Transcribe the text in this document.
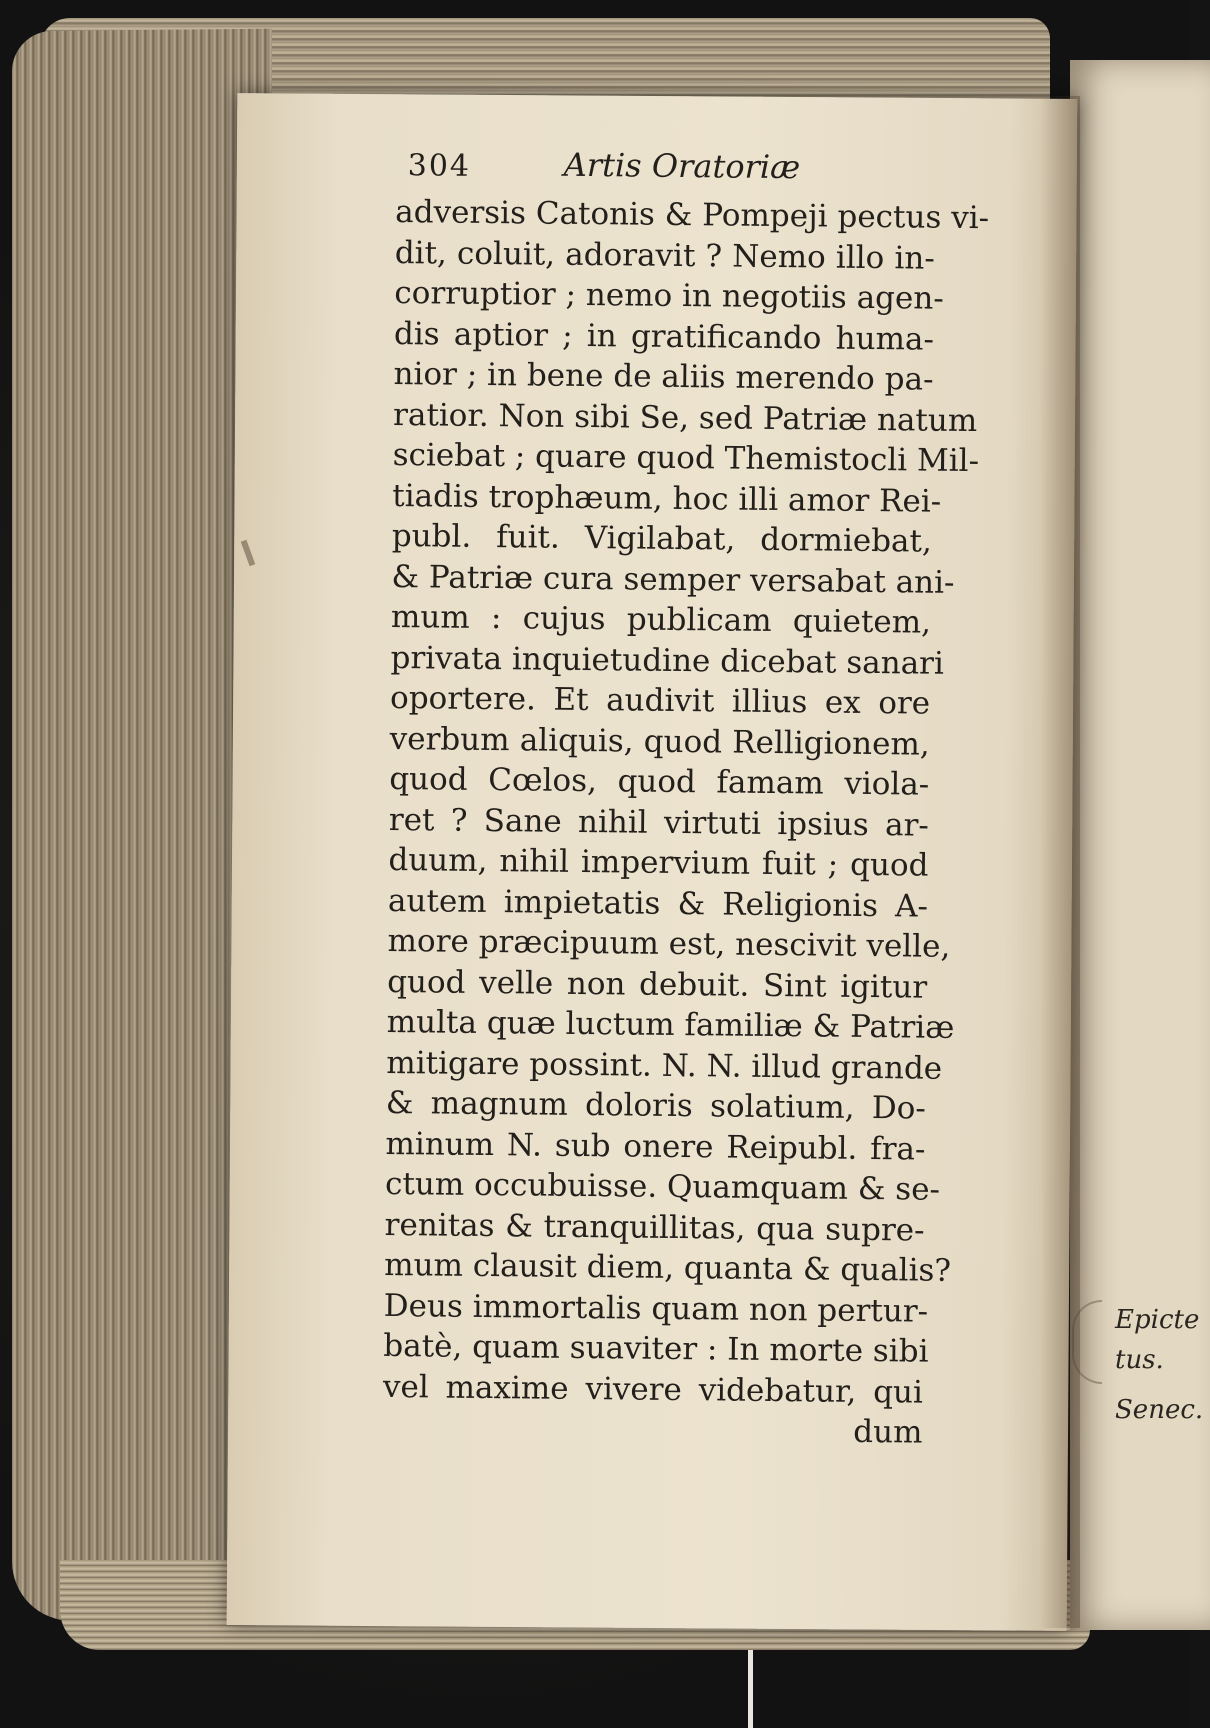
Epicte
tus.
Senec.
304	Artis Oratoriæ
adversis Catonis & Pompeji pectus vi-
dit, coluit, adoravit ? Nemo illo in-
corruptior ; nemo in negotiis agen-
dis aptior ; in gratificando huma-
nior ; in bene de aliis merendo pa-
ratior. Non sibi Se, sed Patriæ natum
sciebat ; quare quod Themistocli Mil-
tiadis trophæum, hoc illi amor Rei-
publ. fuit. Vigilabat, dormiebat,
& Patriæ cura semper versabat ani-
mum : cujus publicam quietem,
privata inquietudine dicebat sanari
oportere. Et audivit illius ex ore
verbum aliquis, quod Relligionem,
quod Cœlos, quod famam viola-
ret ? Sane nihil virtuti ipsius ar-
duum, nihil impervium fuit ; quod
autem impietatis & Religionis A-
more præcipuum est, nescivit velle,
quod velle non debuit. Sint igitur
multa quæ luctum familiæ & Patriæ
mitigare possint. N. N. illud grande
& magnum doloris solatium, Do-
minum N. sub onere Reipubl. fra-
ctum occubuisse. Quamquam & se-
renitas & tranquillitas, qua supre-
mum clausit diem, quanta & qualis?
Deus immortalis quam non pertur-
batè, quam suaviter : In morte sibi
vel maxime vivere videbatur, qui
dum
